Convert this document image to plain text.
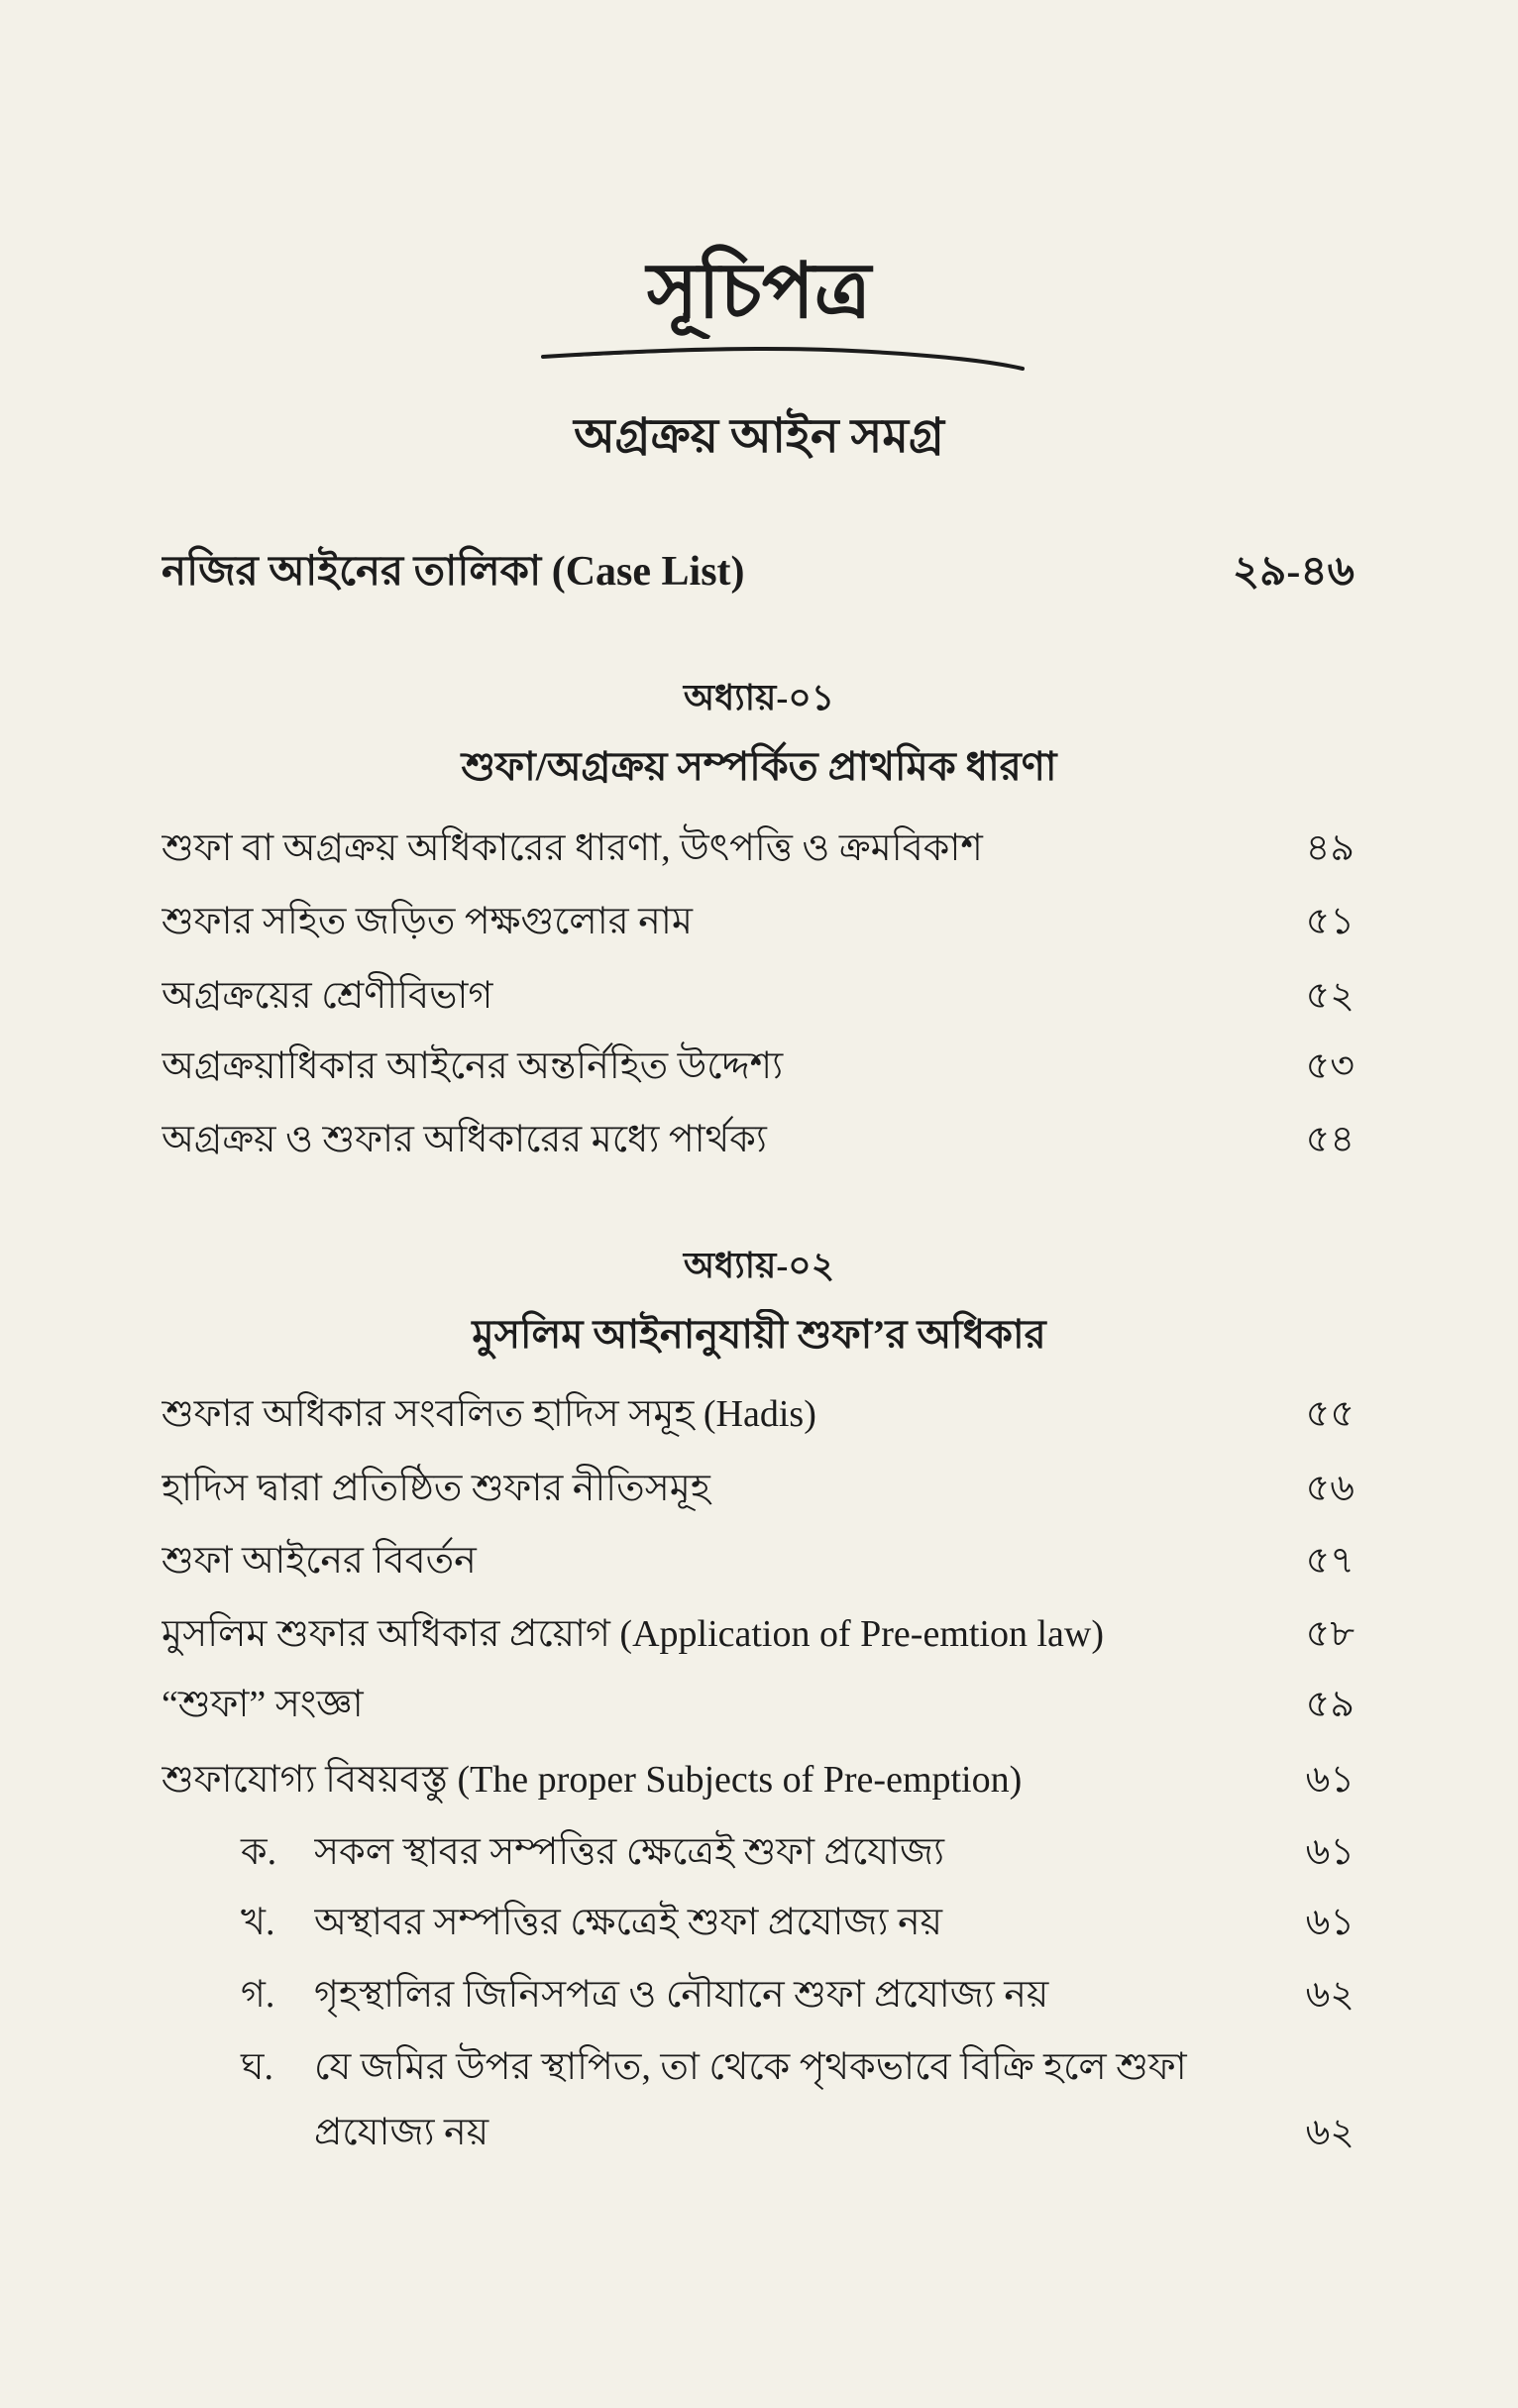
সূচিপত্র
অগ্রক্রয় আইন সমগ্র
নজির আইনের তালিকা (Case List)	২৯-৪৬
অধ্যায়-০১
শুফা/অগ্রক্রয় সম্পর্কিত প্রাথমিক ধারণা
শুফা বা অগ্রক্রয় অধিকারের ধারণা, উৎপত্তি ও ক্রমবিকাশ	৪৯
শুফার সহিত জড়িত পক্ষগুলোর নাম	৫১
অগ্রক্রয়ের শ্রেণীবিভাগ	৫২
অগ্রক্রয়াধিকার আইনের অন্তর্নিহিত উদ্দেশ্য	৫৩
অগ্রক্রয় ও শুফার অধিকারের মধ্যে পার্থক্য	৫৪
অধ্যায়-০২
মুসলিম আইনানুযায়ী শুফা’র অধিকার
শুফার অধিকার সংবলিত হাদিস সমূহ (Hadis)	৫৫
হাদিস দ্বারা প্রতিষ্ঠিত শুফার নীতিসমূহ	৫৬
শুফা আইনের বিবর্তন	৫৭
মুসলিম শুফার অধিকার প্রয়োগ (Application of Pre-emtion law)	৫৮
“শুফা” সংজ্ঞা	৫৯
শুফাযোগ্য বিষয়বস্তু (The proper Subjects of Pre-emption)	৬১
ক. সকল স্থাবর সম্পত্তির ক্ষেত্রেই শুফা প্রযোজ্য	৬১
খ.	অস্থাবর সম্পত্তির ক্ষেত্রেই শুফা প্রযোজ্য নয়	৬১
গ.	গৃহস্থালির জিনিসপত্র ও নৌযানে শুফা প্রযোজ্য নয়	৬২
ঘ.	যে জমির উপর স্থাপিত, তা থেকে পৃথকভাবে বিক্রি হলে শুফা
প্রযোজ্য নয়	৬২
